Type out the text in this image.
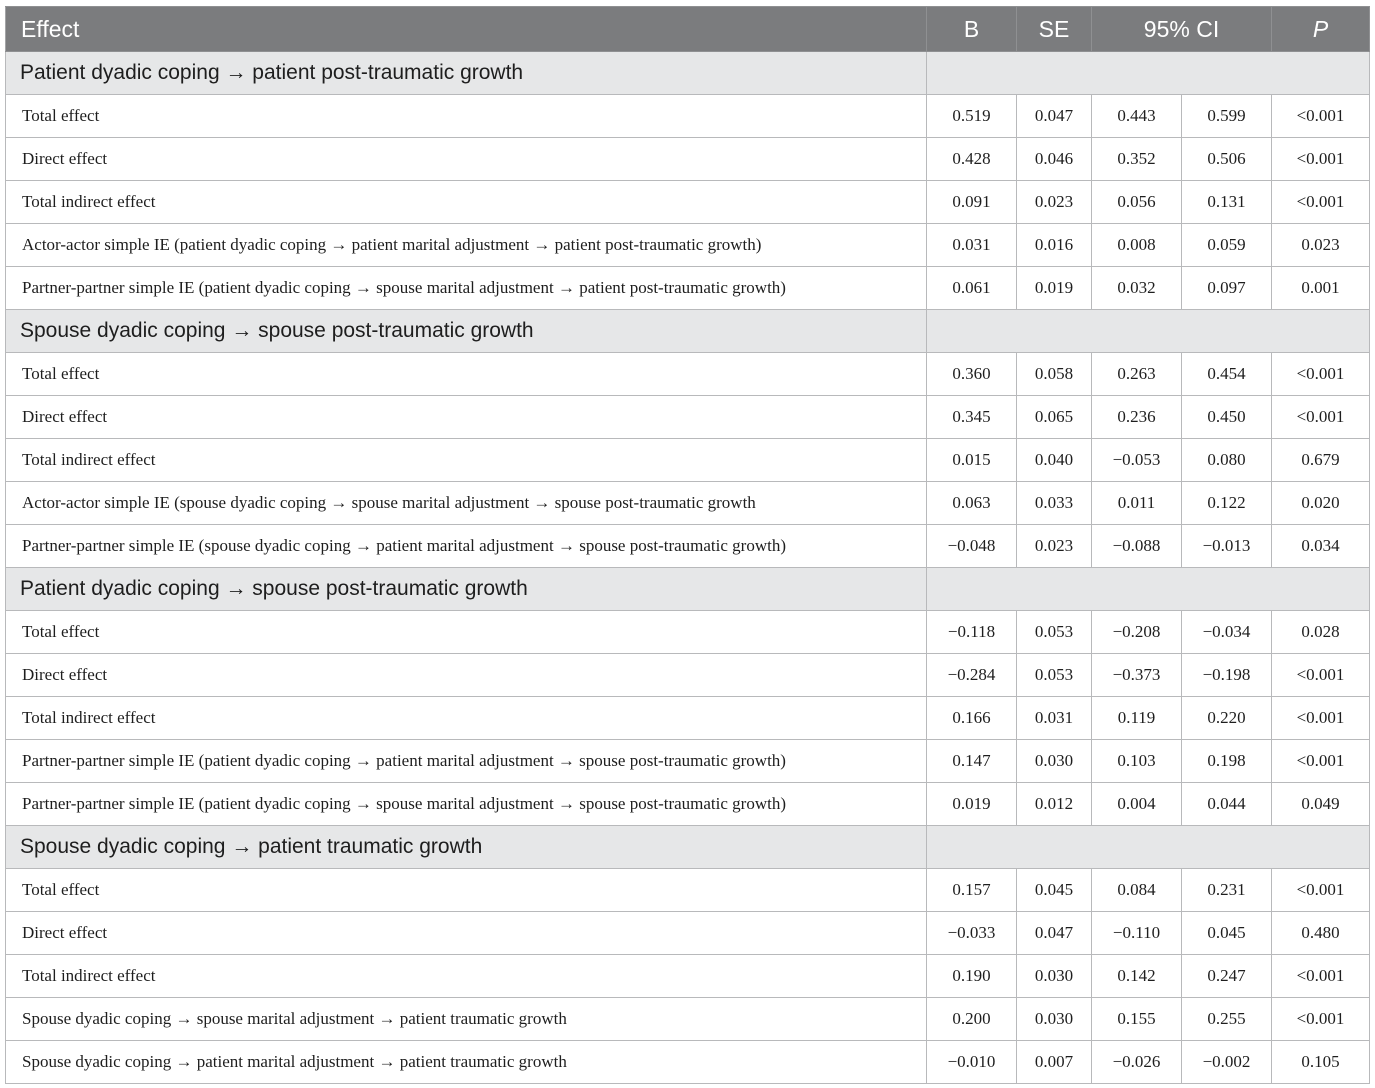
Effect	B	SE	95% CI		P
Patient dyadic coping → patient post-traumatic growth					
Total effect	0.519	0.047	0.443	0.599	<0.001
Direct effect	0.428	0.046	0.352	0.506	<0.001
Total indirect effect	0.091	0.023	0.056	0.131	<0.001
Actor-actor simple IE (patient dyadic coping → patient marital adjustment → patient post-traumatic growth)	0.031	0.016	0.008	0.059	0.023
Partner-partner simple IE (patient dyadic coping → spouse marital adjustment → patient post-traumatic growth)	0.061	0.019	0.032	0.097	0.001
Spouse dyadic coping → spouse post-traumatic growth					
Total effect	0.360	0.058	0.263	0.454	<0.001
Direct effect	0.345	0.065	0.236	0.450	<0.001
Total indirect effect	0.015	0.040	−0.053	0.080	0.679
Actor-actor simple IE (spouse dyadic coping → spouse marital adjustment → spouse post-traumatic growth	0.063	0.033	0.011	0.122	0.020
Partner-partner simple IE (spouse dyadic coping → patient marital adjustment → spouse post-traumatic growth)	−0.048	0.023	−0.088	−0.013	0.034
Patient dyadic coping → spouse post-traumatic growth					
Total effect	−0.118	0.053	−0.208	−0.034	0.028
Direct effect	−0.284	0.053	−0.373	−0.198	<0.001
Total indirect effect	0.166	0.031	0.119	0.220	<0.001
Partner-partner simple IE (patient dyadic coping → patient marital adjustment → spouse post-traumatic growth)	0.147	0.030	0.103	0.198	<0.001
Partner-partner simple IE (patient dyadic coping → spouse marital adjustment → spouse post-traumatic growth)	0.019	0.012	0.004	0.044	0.049
Spouse dyadic coping → patient traumatic growth					
Total effect	0.157	0.045	0.084	0.231	<0.001
Direct effect	−0.033	0.047	−0.110	0.045	0.480
Total indirect effect	0.190	0.030	0.142	0.247	<0.001
Spouse dyadic coping → spouse marital adjustment → patient traumatic growth	0.200	0.030	0.155	0.255	<0.001
Spouse dyadic coping → patient marital adjustment → patient traumatic growth	−0.010	0.007	−0.026	−0.002	0.105
